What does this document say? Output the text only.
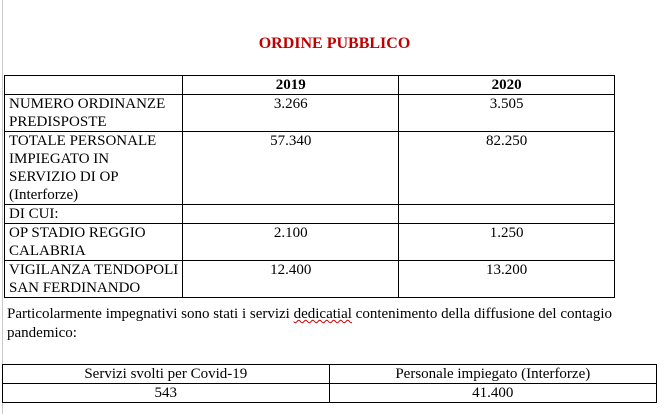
ORDINE PUBBLICO
	2019	2020
NUMERO ORDINANZE PREDISPOSTE	3.266	3.505
TOTALE PERSONALE IMPIEGATO IN SERVIZIO DI OP (Interforze)	57.340	82.250
DI CUI:		
OP STADIO REGGIO CALABRIA	2.100	1.250
VIGILANZA TENDOPOLI SAN FERDINANDO	12.400	13.200
Particolarmente impegnativi sono stati i servizi dedicatial contenimento della diffusione del contagio pandemico:
Servizi svolti per Covid-19	Personale impiegato (Interforze)
543	41.400
